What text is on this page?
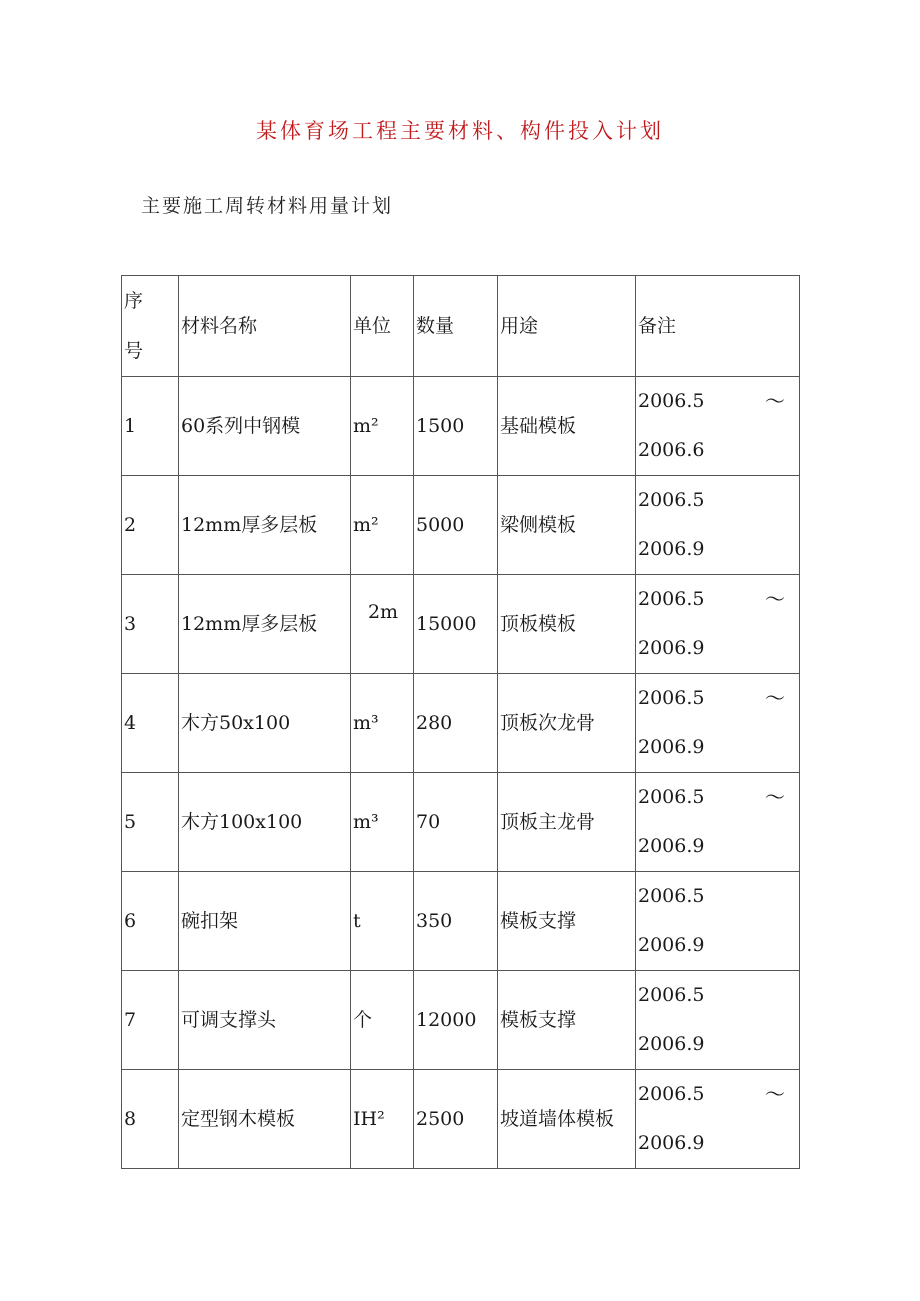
某体育场工程主要材料、构件投入计划
主要施工周转材料用量计划
序
号	材料名称	单位	数量	用途	备注
1	60系列中钢模	m²	1500	基础模板	2006.5 ～
2006.6

2	12mm厚多层板	m²	5000	梁侧模板	2006.5
2006.9

3	12mm厚多层板	2m	15000	顶板模板	2006.5 ～
2006.9

4	木方50x100	m³	280	顶板次龙骨	2006.5 ～
2006.9

5	木方100x100	m³	70	顶板主龙骨	2006.5 ～
2006.9

6	碗扣架	t	350	模板支撑	2006.5
2006.9

7	可调支撑头	个	12000	模板支撑	2006.5
2006.9

8	定型钢木模板	IH²	2500	坡道墙体模板	2006.5 ～
2006.9
